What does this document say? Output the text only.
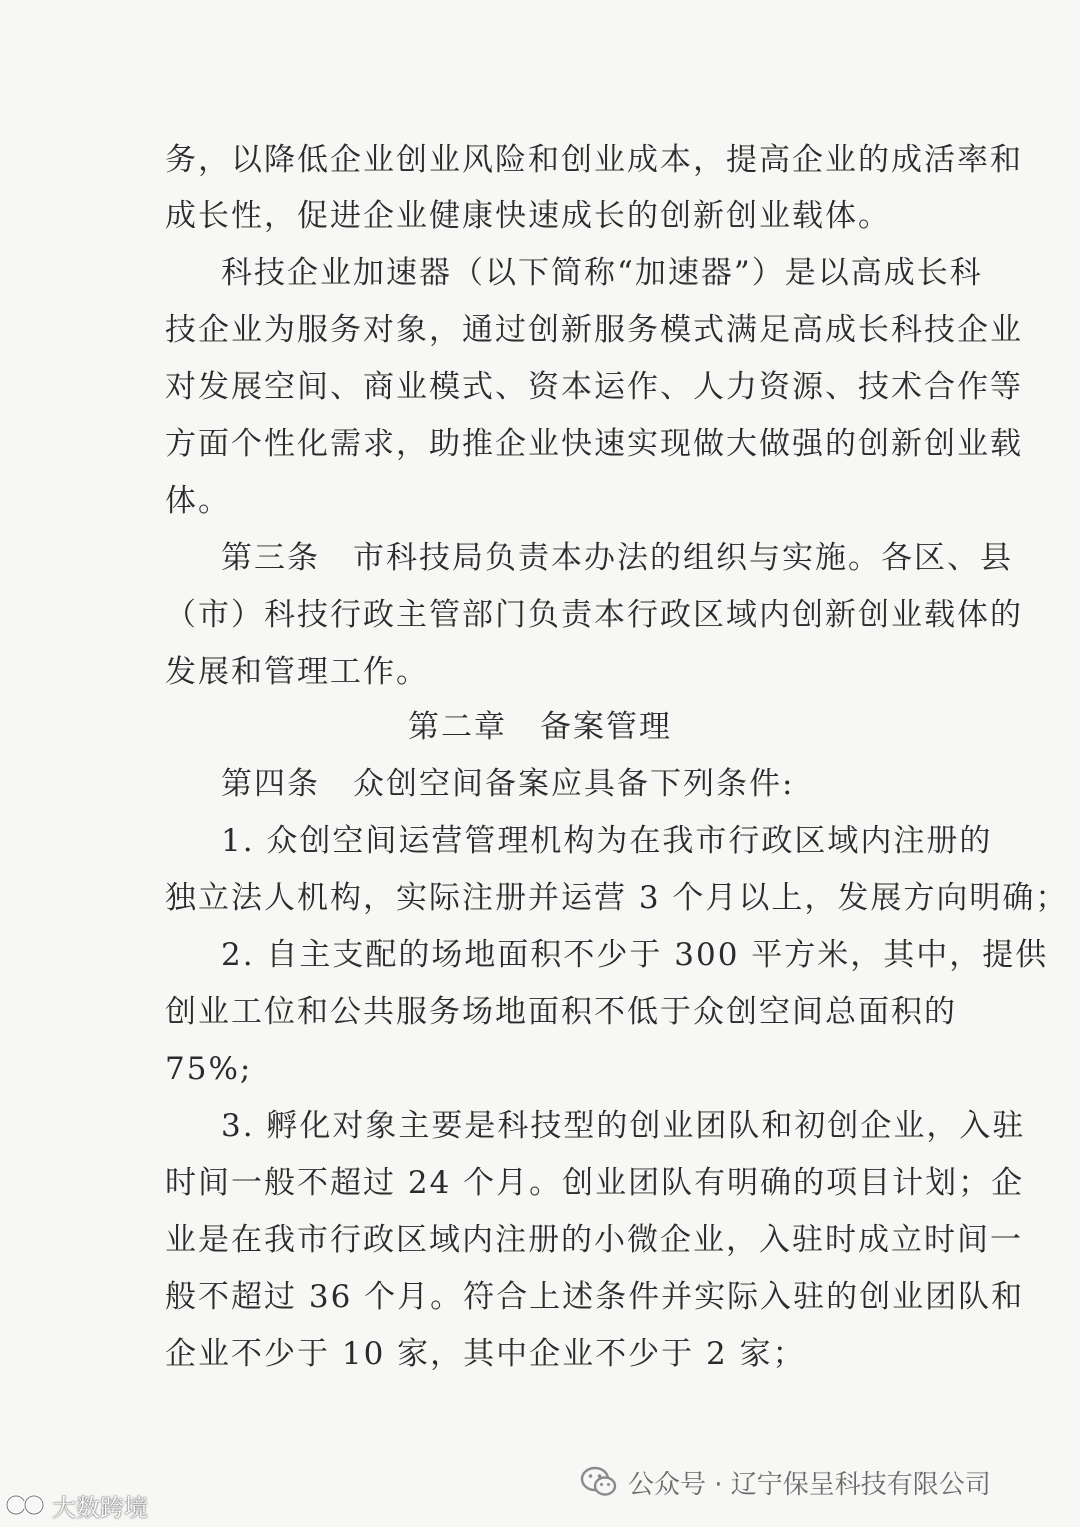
务，以降低企业创业风险和创业成本，提高企业的成活率和
成长性，促进企业健康快速成长的创新创业载体。
科技企业加速器（以下简称“加速器”）是以高成长科
技企业为服务对象，通过创新服务模式满足高成长科技企业
对发展空间、商业模式、资本运作、人力资源、技术合作等
方面个性化需求，助推企业快速实现做大做强的创新创业载
体。
第三条　市科技局负责本办法的组织与实施。各区、县
（市）科技行政主管部门负责本行政区域内创新创业载体的
发展和管理工作。
第二章　备案管理
第四条　众创空间备案应具备下列条件:
1. 众创空间运营管理机构为在我市行政区域内注册的
独立法人机构，实际注册并运营 3 个月以上，发展方向明确；
2. 自主支配的场地面积不少于 300 平方米，其中，提供
创业工位和公共服务场地面积不低于众创空间总面积的
75%;
3. 孵化对象主要是科技型的创业团队和初创企业，入驻
时间一般不超过 24 个月。创业团队有明确的项目计划；企
业是在我市行政区域内注册的小微企业，入驻时成立时间一
般不超过 36 个月。符合上述条件并实际入驻的创业团队和
企业不少于 10 家，其中企业不少于 2 家；
公众号 · 辽宁保呈科技有限公司
大数跨境
